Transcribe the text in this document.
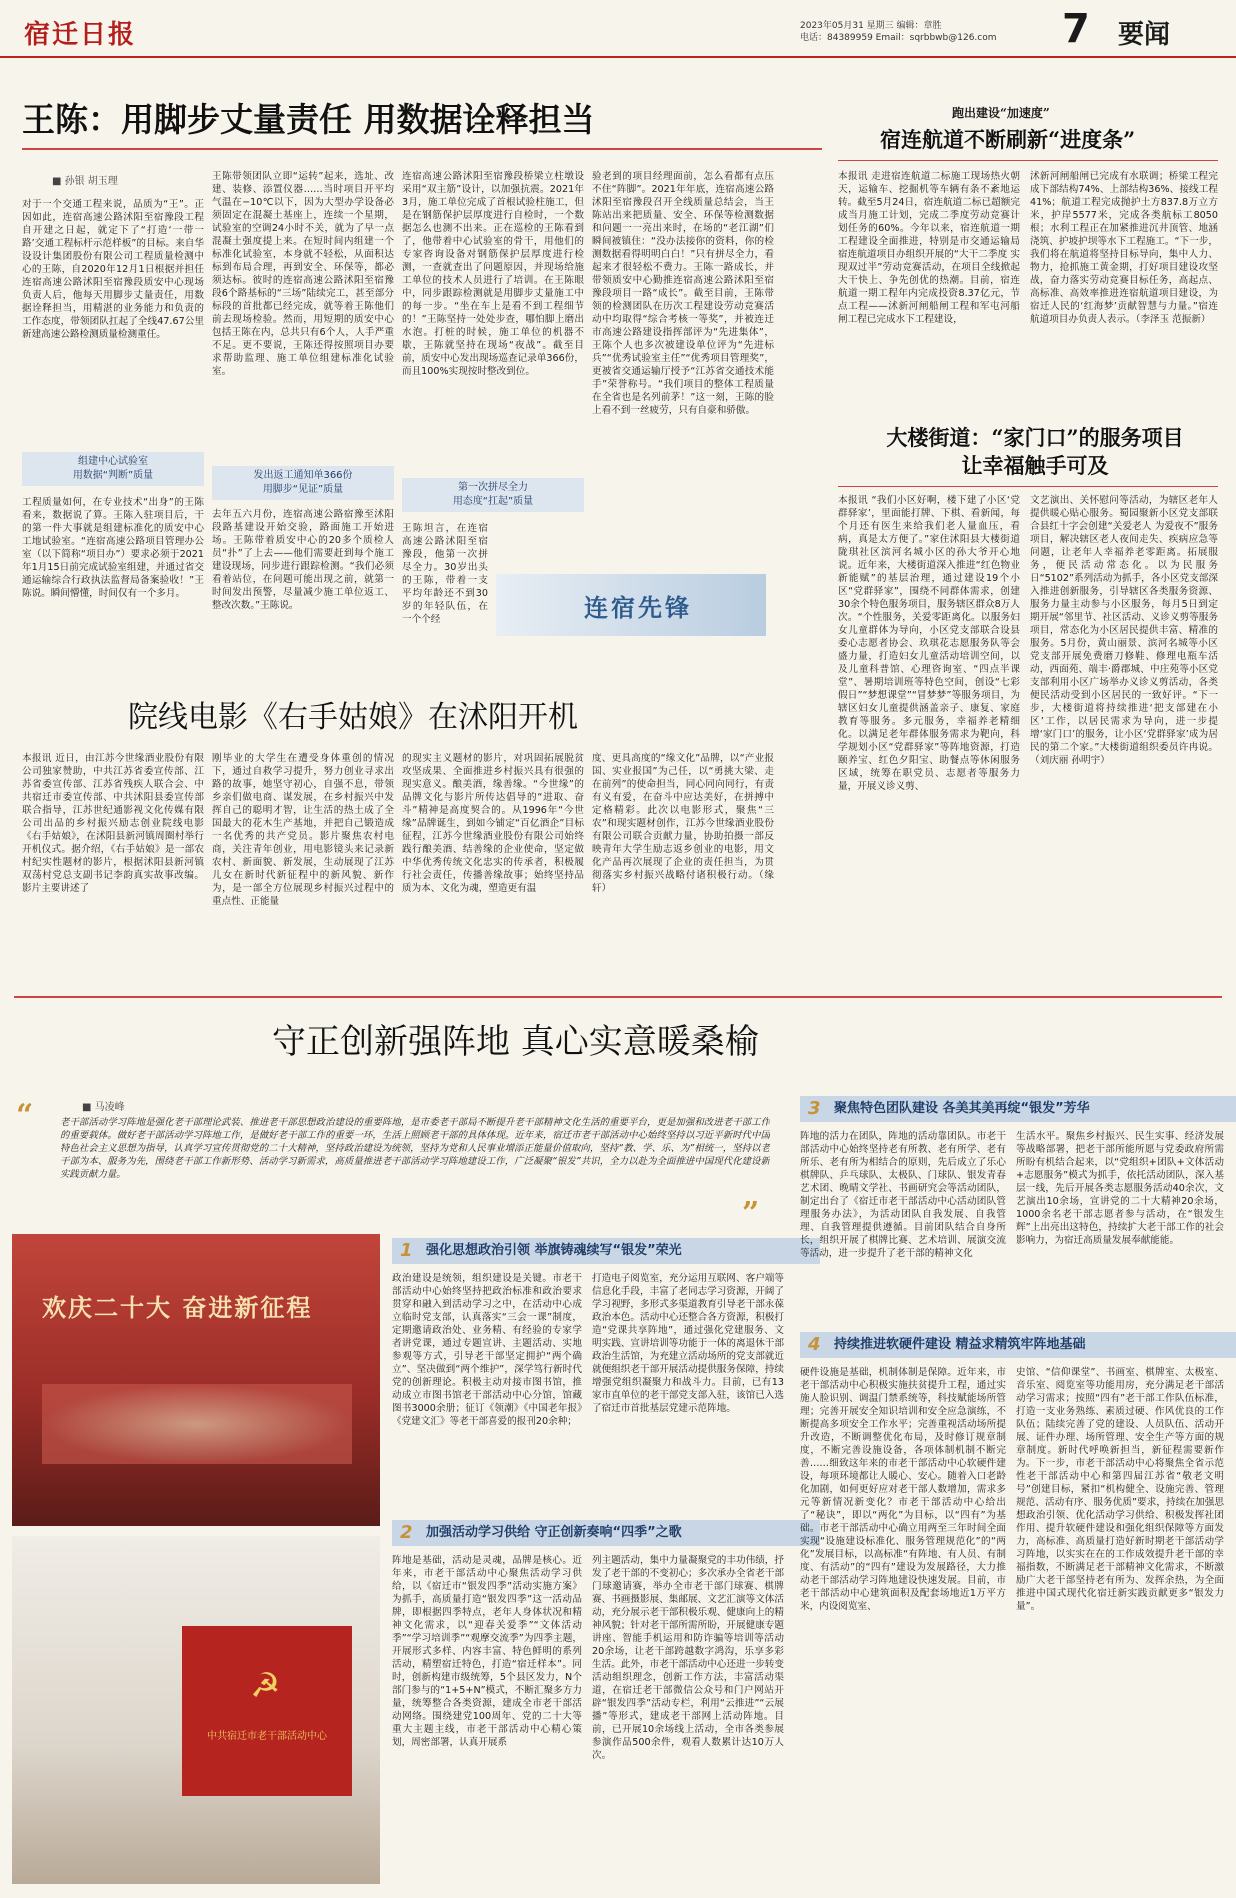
宿迁日报	2023年05月31 星期三 编辑：章胜
电话：84389959 Email：sqrbbwb@126.com 7 要闻
王陈：用脚步丈量责任 用数据诠释担当
■ 孙银 胡玉理
对于一个交通工程来说，品质为“王”。正因如此，连宿高速公路沭阳至宿豫段工程自开建之日起，就定下了“打造‘一带一路’交通工程标杆示范样板”的目标。来自华设设计集团股份有限公司工程质量检测中心的王陈，自2020年12月1日根据并担任连宿高速公路沭阳至宿豫段质安中心现场负责人后，他每天用脚步丈量责任，用数据诠释担当，用精湛的业务能力和负责的工作态度，带领团队扛起了全线47.67公里新建高速公路检测质量检测重任。
组建中心试验室
用数据“判断”质量
工程质量如何，在专业技术“出身”的王陈看来，数据说了算。王陈入驻项目后，干的第一件大事就是组建标准化的质安中心工地试验室。“连宿高速公路项目管理办公室（以下简称“项目办”）要求必须于2021年1月15日前完成试验室组建，并通过省交通运输综合行政执法监督局备案验收！”王陈说。瞬间懵懂，时间仅有一个多月。
王陈带领团队立即“运转”起来，选址、改建、装修、添置仪器……当时项目开平均气温在−10℃以下，因为大型办学设备必须固定在混凝土基座上，连续一个星期，试验室的空调24小时不关，就为了早一点混凝土强度提上来。在短时间内组建一个标准化试验室，本身就不轻松，从面积达标到布局合理，再到安全、环保等，都必须达标。彼时的连宿高速公路沭阳至宿豫段6个路基标的“三场”陆续完工，甚至部分标段的首批都已经完成，就等着王陈他们前去现场检验。然而，用短期的质安中心包括王陈在内，总共只有6个人，人手严重不足。更不要说，王陈还得按照项目办要求帮助监理、施工单位组建标准化试验室。
发出返工通知单366份
用脚步“见证”质量
去年五六月份，连宿高速公路宿豫至沭阳段路基建设开始交验，路面施工开始进场。王陈带着质安中心的20多个质检人员“扑”了上去——他们需要赶到每个施工建设现场，同步进行跟踪检测。“我们必须看着站位，在问题可能出现之前，就第一时间发出预警，尽量减少施工单位返工、整改次数。”王陈说。
连宿高速公路沭阳至宿豫段桥梁立柱墩设采用“双主筋”设计，以加强抗震。2021年3月，施工单位完成了首根试验柱施工，但是在钢筋保护层厚度进行自检时，一个数据怎么也测不出来。正在巡检的王陈看到了，他带着中心试验室的骨干，用他们的专家咨询设备对钢筋保护层厚度进行检测，一查就查出了问题原因，并现场给施工单位的技术人员进行了培训。在王陈眼中，同步跟踪检测就是用脚步丈量施工中的每一步。“坐在车上是看不到工程细节的！”王陈坚持一处处步查，哪怕脚上磨出水泡。打桩的时候，施工单位的机器不歇，王陈就坚持在现场“夜战”。截至目前，质安中心发出现场巡查记录单366份，而且100%实现按时整改到位。
第一次拼尽全力
用态度“扛起”质量
王陈坦言，在连宿高速公路沭阳至宿豫段，他第一次拼尽全力。30岁出头的王陈，带着一支平均年龄还不到30岁的年轻队伍，在一个个经
验老到的项目经理面前，怎么看都有点压不住“阵脚”。2021年年底，连宿高速公路沭阳至宿豫段召开全线质量总结会，当王陈站出来把质量、安全、环保等检测数据和问题一一亮出来时，在场的“老江湖”们瞬间被镇住：“没办法接你的资料，你的检测数据看得明明白白！”只有拼尽全力，看起来才很轻松不费力。王陈一路成长，并带领质安中心勤推连宿高速公路沭阳至宿豫段项目一路“成长”。截至目前，王陈带领的检测团队在历次工程建设劳动竞赛活动中均取得“综合考核一等奖”，并被连迁市高速公路建设指挥部评为“先进集体”，王陈个人也多次被建设单位评为“先进标兵”“优秀试验室主任”“优秀项目管理奖”，更被省交通运输厅授予“江苏省交通技术能手”荣誉称号。“我们项目的整体工程质量在全省也是名列前茅！”这一刻，王陈的脸上看不到一丝疲劳，只有自豪和骄傲。
连宿先锋
跑出建设“加速度”
宿连航道不断刷新“进度条”
本报讯 走进宿连航道二标施工现场热火朝天，运输车、挖掘机等车辆有条不紊地运转。截至5月24日，宿连航道二标已超额完成当月施工计划，完成二季度劳动竞赛计划任务的60%。今年以来，宿连航道一期工程建设全面推进，特别是市交通运输局宿连航道项目办组织开展的“大干二季度 实现双过半”劳动竞赛活动，在项目全线掀起大干快上、争先创优的热潮。目前，宿连航道一期工程年内完成投资8.37亿元，节点工程——沭新河闸船闸工程和军屯河船闸工程已完成水下工程建设，
沭新河闸船闸已完成有水联调；桥梁工程完成下部结构74%、上部结构36%、接线工程41%；航道工程完成抛护土方837.8万立方米，护岸5577米，完成各类航标工8050根；水利工程正在加紧推进沉井顶管、地涵浇筑、护坡护坝等水下工程施工。“下一步，我们将在航道将坚持目标导向，集中人力、物力，抢抓施工黄金期，打好项目建设攻坚战，奋力落实劳动竞赛目标任务，高起点、高标准、高效率推进连宿航道项目建设，为宿迁人民的‘红海梦’贡献智慧与力量。”宿连航道项目办负责人表示。（李泽玉 范振新）
大楼街道：“家门口”的服务项目
让幸福触手可及
本报讯 “我们小区好啊，楼下建了小区‘党群驿家’，里面能打牌、下棋、看新闻，每个月还有医生来给我们老人量血压，看病，真是太方便了。”家住沭阳县大楼街道陇琪社区滨河名城小区的孙大爷开心地说。近年来，大楼街道深入推进“红色物业新能赋”的基层治理，通过建设19个小区“党群驿家”，围绕不同群体需求，创建30余个特色服务项目，服务辖区群众8万人次。“个性服务，关爱零距离化。以服务妇女儿童群体为导向，小区党支部联合设县委心志愿者协会、玖琪花志愿服务队等会盛力量，打造妇女儿童活动培训空间，以及儿童科普馆、心理咨询室、“四点半课堂”、暑期培训班等特色空间，创设“七彩假日”“梦想课堂”“冒梦梦”等服务项目，为辖区妇女儿童提供涵盖亲子、康复、家庭教育等服务。多元服务，幸福养老精细化。以满足老年群体服务需求为靶向，科学规划小区“党群驿家”等阵地资源，打造颐养宝、红色夕阳宝、助餐点等休闲服务区域，统筹在职党员、志愿者等服务力量，开展义诊义剪、
文艺演出、关怀慰问等活动，为辖区老年人提供暖心贴心服务。蜀园聚新小区党支部联合县红十字会创建“关爱老人 为爱夜不”服务项目，解决辖区老人夜间走失、疾病应急等问题，让老年人幸福养老零距离。拓展服务，便民活动常态化。以为民服务日“5102”系列活动为抓手，各小区党支部深入推进创新服务，引导辖区各类服务资源、服务力量主动参与小区服务，每月5日到定期开展“邻里节、社区活动、义诊义剪等服务项目，常态化为小区居民提供丰富、精准的服务。5月份，黄山丽景、滨河名城等小区党支部开展免费磨刀修鞋、修理电瓶车活动，西面苑、端丰·爵郡城、中庄苑等小区党支部利用小区广场举办义诊义剪活动，各类便民活动受到小区居民的一致好评。“下一步，大楼街道将持续推进‘把支部建在小区’工作，以居民需求为导向，进一步提增‘家门口’的服务，让小区‘党群驿家’成为居民的第二个家。”大楼街道组织委员许冉说。（刘庆丽 孙明宇）
院线电影《右手姑娘》在沭阳开机
本报讯 近日，由江苏今世缘酒业股份有限公司独家赞助，中共江苏省委宣传部、江苏省委宣传部、江苏省残疾人联合会、中共宿迁市委宣传部、中共沭阳县委宣传部联合指导，江苏世纪通影视文化传媒有限公司出品的乡村振兴励志创业院线电影《右手姑娘》，在沭阳县新河镇周圈村举行开机仪式。据介绍，《右手姑娘》是一部农村纪实性题材的影片，根据沭阳县新河镇双荡村党总支副书记李韵真实故事改编。影片主要讲述了
刚毕业的大学生在遭受身体重创的情况下，通过自救学习提升，努力创业寻求出路的故事，她坚守初心，自强不息，带领乡亲们做电商、谋发展，在乡村振兴中发挥自己的聪明才智，让生活的热土成了全国最大的花木生产基地，并把自己锻造成一名优秀的共产党员。影片聚焦农村电商，关注青年创业，用电影镜头来记录新农村、新面貌、新发展，生动展现了江苏儿女在新时代新征程中的新风貌、新作为，是一部全方位展现乡村振兴过程中的重点性、正能量
的现实主义题材的影片，对巩固拓展脱贫攻坚成果、全面推进乡村振兴具有很强的现实意义。酿美酒，缘善缘。“今世缘”的品牌文化与影片所传达倡导的“进取、奋斗”精神是高度契合的。从1996年“今世缘”品牌诞生，到如今铺定“百亿酒企”目标征程，江苏今世缘酒业股份有限公司始终践行酿美酒、结善缘的企业使命，坚定做中华优秀传统文化忠实的传承者，积极履行社会责任，传播善缘故事；始终坚持品质为本、文化为魂，塑造更有温
度、更具高度的“缘文化”品牌，以“产业报国、实业报国”为己任，以“勇挑大梁、走在前列”的使命担当，同心同向同行，有责有义有爱，在奋斗中应达美好，在拼搏中定格精彩。此次以电影形式，聚焦“三农”和现实题材创作，江苏今世缘酒业股份有限公司联合贡献力量，协助拍摄一部反映青年大学生励志返乡创业的电影，用文化产品再次展现了企业的责任担当，为贯彻落实乡村振兴战略付诸积极行动。（缘轩）
守正创新强阵地 真心实意暖桑榆
“	■ 马凌峰
老干部活动学习阵地是强化老干部理论武装、推进老干部思想政治建设的重要阵地，是市委老干部局不断提升老干部精神文化生活的重要平台，更是加强和改进老干部工作的重要载体。做好老干部活动学习阵地工作，是做好老干部工作的重要一环，生活上照顾老干部的具体体现。近年来，宿迁市老干部活动中心始终坚持以习近平新时代中国特色社会主义思想为指导，认真学习宣传贯彻党的二十大精神，坚持政治建设为统领，坚持为党和人民事业增添正能量价值取向，坚持“教、学、乐、为”相统一，坚持以老干部为本、服务为先，围绕老干部工作新形势、活动学习新需求，高质量推进老干部活动学习阵地建设工作，广泛凝聚“银发”共识，全力以赴为全面推进中国现代化建设新实践贡献力量。
”
欢庆二十大 奋进新征程
☭
中共宿迁市老干部活动中心
1 强化思想政治引领 举旗铸魂续写“银发”荣光
政治建设是统领，组织建设是关键。市老干部活动中心始终坚持把政治标准和政治要求贯穿和融入到活动学习之中，在活动中心成立临时党支部，认真落实“三会一课”制度，定期邀请政治处、业务精、有经验的专家学者讲党课，通过专题宣讲、主题活动、实地参观等方式，引导老干部坚定拥护“两个确立”、坚决做到“两个维护”，深学笃行新时代党的创新理论。积极主动对接市图书馆，推动成立市图书馆老干部活动中心分馆，馆藏图书3000余册；征订《领潮》《中国老年报》《党建文汇》等老干部喜爱的报刊20余种；
打造电子阅览室，充分运用互联网、客户端等信息化手段，丰富了老同志学习资源，开阔了学习视野，多形式多渠道教育引导老干部永葆政治本色。活动中心还整合各方资源，积极打造“党课共享阵地”，通过强化党建服务、文明实践、宣讲培训等功能于一体的离退休干部政治生活馆，为充建立活动场所的党支部就近就便组织老干部开展活动提供服务保障，持续增强党组织凝聚力和战斗力。目前，已有13家市直单位的老干部党支部入驻，该馆已入选了宿迁市首批基层党建示范阵地。
2 加强活动学习供给 守正创新奏响“四季”之歌
阵地是基础，活动是灵魂，品牌是核心。近年来，市老干部活动中心聚焦活动学习供给，以《宿迁市“银发四季”活动实施方案》为抓手，高质量打造“银发四季”这一活动品牌，即根据四季特点，老年人身体状况和精神文化需求，以“迎春关爱季”“文体活动季”“学习培训季”“观摩交流季”为四季主题，开展形式多样、内容丰富、特色鲜明的系列活动，精塑宿迁特色，打造“宿迁样本”。同时，创新构建市级统筹，5个县区发力，N个部门参与的“1+5+N”模式，不断汇聚多方力量，统筹整合各类资源，建成全市老干部活动网络。围绕建党100周年、党的二十大等重大主题主线，市老干部活动中心精心策划，周密部署，认真开展系
列主题活动，集中力量凝聚党的丰功伟绩，抒发了老干部的不变初心；多次承办全省老干部门球邀请赛，举办全市老干部门球赛、棋牌赛、书画摄影展、集邮展、文艺汇演等文体活动，充分展示老干部积极乐观、健康向上的精神风貌；针对老干部所需所盼，开展健康专题讲座、智能手机运用和防诈骗等培训等活动20余场，让老干部跨越数字鸿沟，乐享多彩生活。此外，市老干部活动中心还进一步转变活动组织理念，创新工作方法，丰富活动渠道，在宿迁老干部微信公众号和门户网站开辟“银发四季”活动专栏，利用“云推进”“云展播”等形式，建成老干部网上活动阵地。目前，已开展10余场线上活动，全市各类参展参演作品500余件，观看人数累计达10万人次。
3 聚焦特色团队建设 各美其美再绽“银发”芳华
阵地的活力在团队，阵地的活动靠团队。市老干部活动中心始终坚持老有所教、老有所学、老有所乐、老有所为相结合的原则，先后成立了乐心棋牌队、乒乓球队、太极队、门球队、银发青春艺术团、晚晴文学社、书画研究会等活动团队，制定出台了《宿迁市老干部活动中心活动团队管理服务办法》，为活动团队自我发展、自我管理、自我管理提供遵循。目前团队结合自身所长，组织开展了棋牌比赛、艺术培训、展演交流等活动，进一步提升了老干部的精神文化
生活水平。聚焦乡村振兴、民生实事、经济发展等战略部署，把老干部所能所愿与党委政府所需所盼有机结合起来，以“党组织+团队+文体活动+志愿服务”模式为抓手，依托活动团队，深入基层一线，先后开展各类志愿服务活动40余次，文艺演出10余场，宣讲党的二十大精神20余场，1000余名老干部志愿者参与活动，在“银发生辉”上出亮出这特色，持续扩大老干部工作的社会影响力，为宿迁高质量发展奉献能能。
4 持续推进软硬件建设 精益求精筑牢阵地基础
硬件设施是基础，机制体制是保障。近年来，市老干部活动中心积极实施扶贫提升工程，通过实施人脸识别、调温门禁系统等，科技赋能场所管理；完善开展安全知识培训和安全应急演练，不断提高多项安全工作水平；完善重视活动场所提升改造，不断调整优化布局，及时修订规章制度，不断完善设施设备，各项体制机制不断完善……细致这年来的市老干部活动中心软硬件建设，每项环境都让人暖心、安心。随着入口老龄化加剧，如何更好应对老干部人数增加，需求多元等新情况新变化？市老干部活动中心给出了“秘诀”，即以“两化”为目标，以“四有”为基础。市老干部活动中心确立用两至三年时间全面实现“设施建设标准化、服务管理规范化”的“两化”发展目标，以高标准“有阵地、有人员、有制度、有活动”的“四有”建设为发展路径，大力推动老干部活动学习阵地建设快速发展。目前，市老干部活动中心建筑面积及配套场地近1万平方米，内设阅览室、
史馆、“信仰课堂”、书画室、棋牌室、太极室、音乐室、阅览室等功能用房，充分满足老干部活动学习需求；按照“四有”老干部工作队伍标准，打造一支业务熟练、素质过硬、作风优良的工作队伍；陆续完善了党的建设、人员队伍、活动开展、证件办理、场所管理、安全生产等方面的规章制度。新时代呼唤新担当，新征程需要新作为。下一步，市老干部活动中心将聚焦全省示范性老干部活动中心和第四届江苏省“敬老文明号”创建目标，紧扣“机构健全、设施完善、管理规范、活动有序、服务优质”要求，持续在加强思想政治引领、优化活动学习供给、积极发挥社团作用、提升软硬件建设和强化组织保障等方面发力，高标准、高质量打造好新时期老干部活动学习阵地，以实实在在的工作成效提升老干部的幸福指数，不断满足老干部精神文化需求，不断激励广大老干部坚持老有所为、发挥余热，为全面推进中国式现代化宿迁新实践贡献更多“银发力量”。
